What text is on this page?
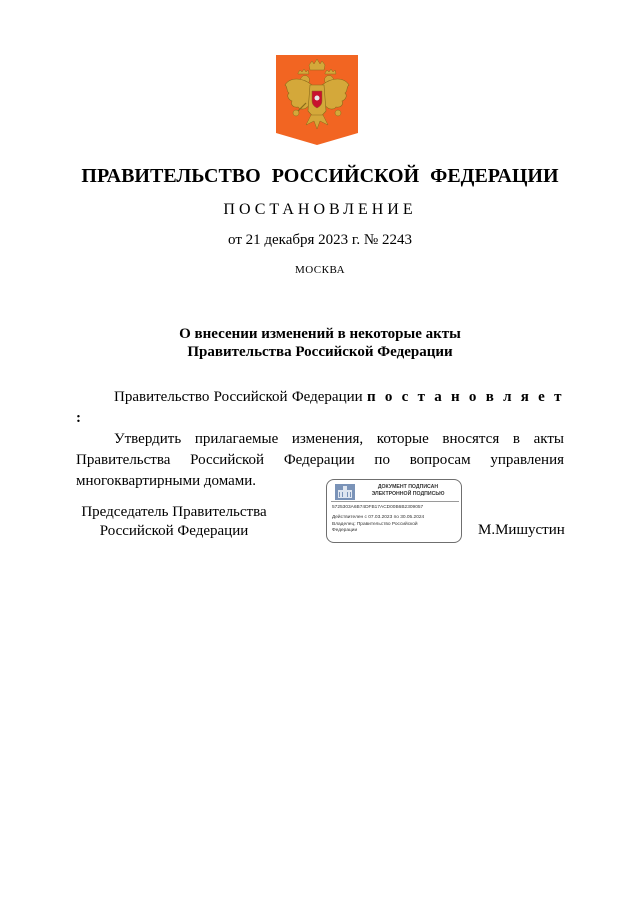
ПРАВИТЕЛЬСТВО РОССИЙСКОЙ ФЕДЕРАЦИИ
ПОСТАНОВЛЕНИЕ
от 21 декабря 2023 г. № 2243
МОСКВА
О внесении изменений в некоторые акты
Правительства Российской Федерации

Правительство Российской Федерации п о с т а н о в л я е т :

Утвердить прилагаемые изменения, которые вносятся в акты Правительства Российской Федерации по вопросам управления многоквартирными домами.

Председатель Правительства
Российской Федерации
ДОКУМЕНТ ПОДПИСАН
ЭЛЕКТРОННОЙ ПОДПИСЬЮ
5725303A6B74DFB17ACD00B6B2309057
Действителен с 07.03.2023 по 30.05.2024
Владелец: Правительство Российской
Федерации	М.Мишустин
